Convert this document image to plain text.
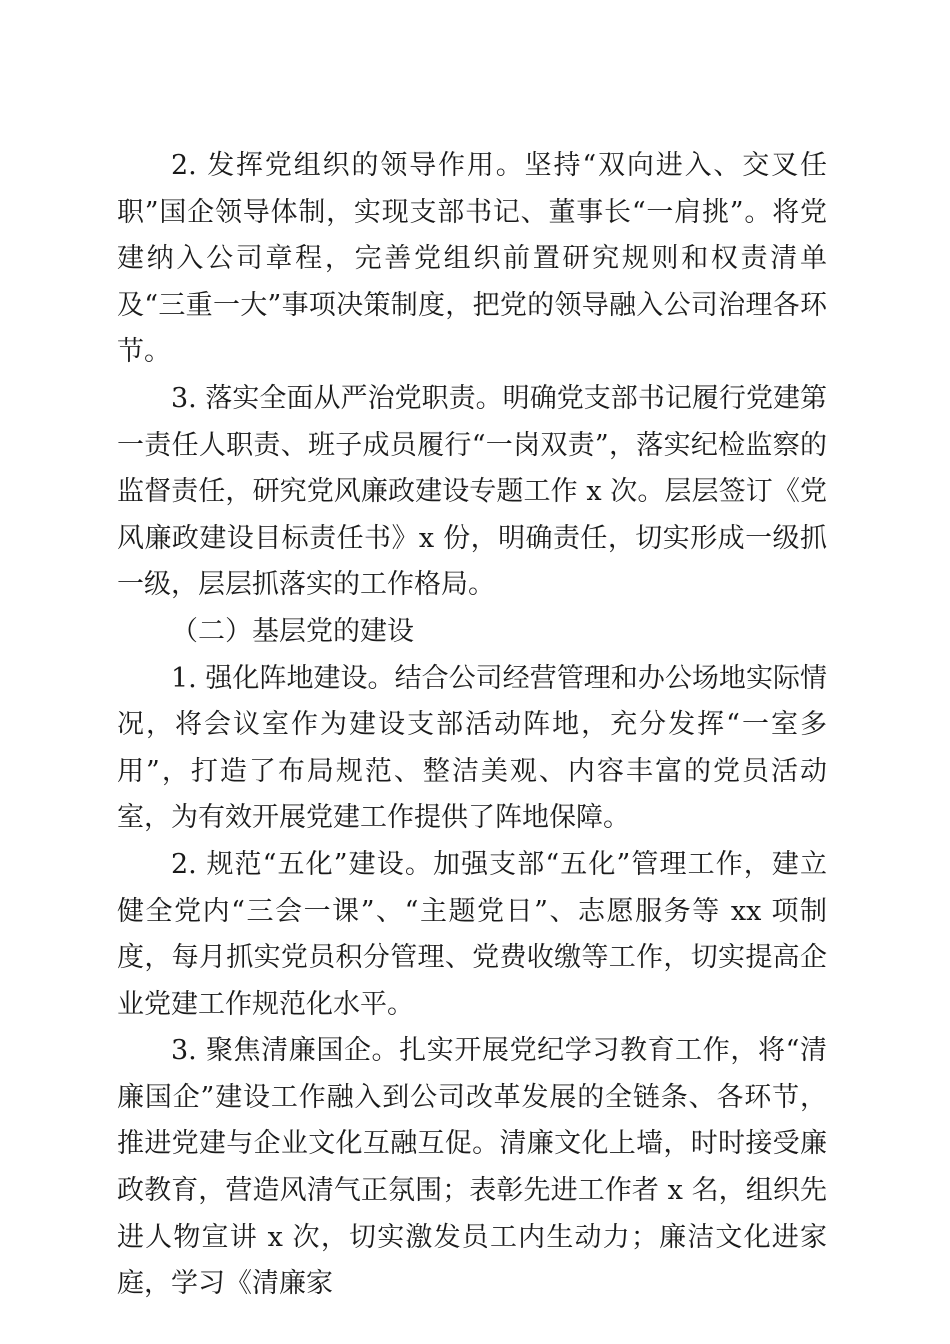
2. 发挥党组织的领导作用。坚持“双向进入、交叉任职”国企领导体制，实现支部书记、董事长“一肩挑”。将党建纳入公司章程，完善党组织前置研究规则和权责清单及“三重一大”事项决策制度，把党的领导融入公司治理各环节。

3. 落实全面从严治党职责。明确党支部书记履行党建第一责任人职责、班子成员履行“一岗双责”，落实纪检监察的监督责任，研究党风廉政建设专题工作 x 次。层层签订《党风廉政建设目标责任书》x 份，明确责任，切实形成一级抓一级，层层抓落实的工作格局。

（二）基层党的建设

1. 强化阵地建设。结合公司经营管理和办公场地实际情况，将会议室作为建设支部活动阵地，充分发挥“一室多用”，打造了布局规范、整洁美观、内容丰富的党员活动室，为有效开展党建工作提供了阵地保障。

2. 规范“五化”建设。加强支部“五化”管理工作，建立健全党内“三会一课”、“主题党日”、志愿服务等 xx 项制度，每月抓实党员积分管理、党费收缴等工作，切实提高企业党建工作规范化水平。

3. 聚焦清廉国企。扎实开展党纪学习教育工作，将“清廉国企”建设工作融入到公司改革发展的全链条、各环节，推进党建与企业文化互融互促。清廉文化上墙，时时接受廉政教育，营造风清气正氛围；表彰先进工作者 x 名，组织先进人物宣讲 x 次，切实激发员工内生动力；廉洁文化进家庭，学习《清廉家
